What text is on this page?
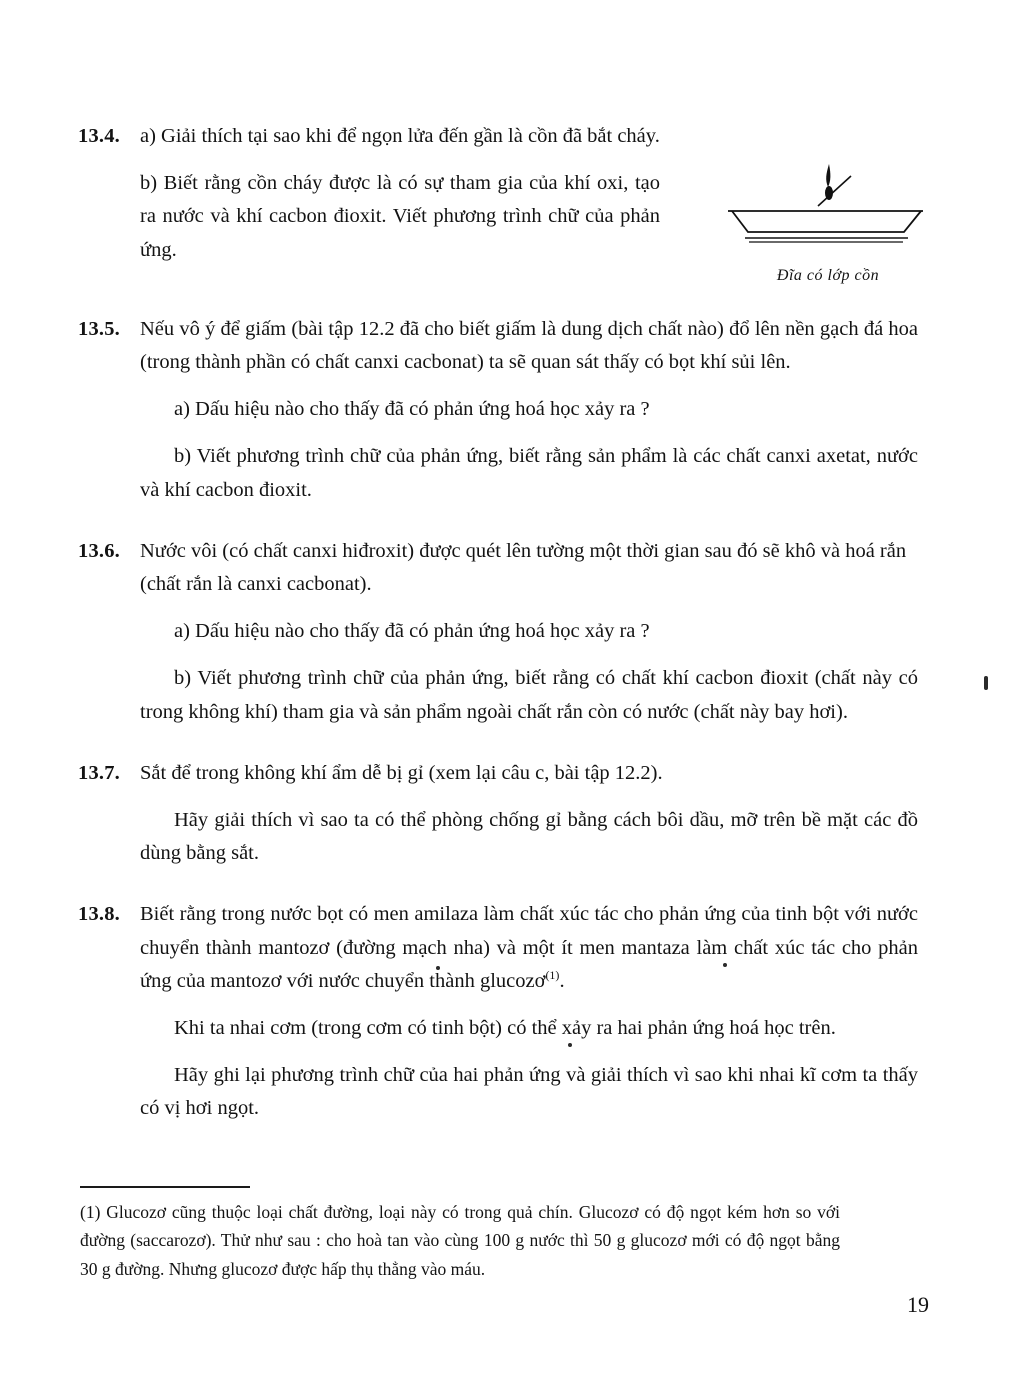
13.4. a) Giải thích tại sao khi để ngọn lửa đến gần là cồn đã bắt cháy.

b) Biết rằng cồn cháy được là có sự tham gia của khí oxi, tạo ra nước và khí cacbon đioxit. Viết phương trình chữ của phản ứng.

Đĩa có lớp cồn
13.5. Nếu vô ý để giấm (bài tập 12.2 đã cho biết giấm là dung dịch chất nào) đổ lên nền gạch đá hoa (trong thành phần có chất canxi cacbonat) ta sẽ quan sát thấy có bọt khí sủi lên.

a) Dấu hiệu nào cho thấy đã có phản ứng hoá học xảy ra ?

b) Viết phương trình chữ của phản ứng, biết rằng sản phẩm là các chất canxi axetat, nước và khí cacbon đioxit.

13.6. Nước vôi (có chất canxi hiđroxit) được quét lên tường một thời gian sau đó sẽ khô và hoá rắn (chất rắn là canxi cacbonat).

a) Dấu hiệu nào cho thấy đã có phản ứng hoá học xảy ra ?

b) Viết phương trình chữ của phản ứng, biết rằng có chất khí cacbon đioxit (chất này có trong không khí) tham gia và sản phẩm ngoài chất rắn còn có nước (chất này bay hơi).

13.7. Sắt để trong không khí ẩm dễ bị gỉ (xem lại câu c, bài tập 12.2).

Hãy giải thích vì sao ta có thể phòng chống gỉ bằng cách bôi dầu, mỡ trên bề mặt các đồ dùng bằng sắt.

13.8. Biết rằng trong nước bọt có men amilaza làm chất xúc tác cho phản ứng của tinh bột với nước chuyển thành mantozơ (đường mạch nha) và một ít men mantaza làm chất xúc tác cho phản ứng của mantozơ với nước chuyển thành glucozơ$^{(1)}$.

Khi ta nhai cơm (trong cơm có tinh bột) có thể xảy ra hai phản ứng hoá học trên.

Hãy ghi lại phương trình chữ của hai phản ứng và giải thích vì sao khi nhai kĩ cơm ta thấy có vị hơi ngọt.

(1) Glucozơ cũng thuộc loại chất đường, loại này có trong quả chín. Glucozơ có độ ngọt kém hơn so với đường (saccarozơ). Thử như sau : cho hoà tan vào cùng 100 g nước thì 50 g glucozơ mới có độ ngọt bằng 30 g đường. Nhưng glucozơ được hấp thụ thẳng vào máu.

19
